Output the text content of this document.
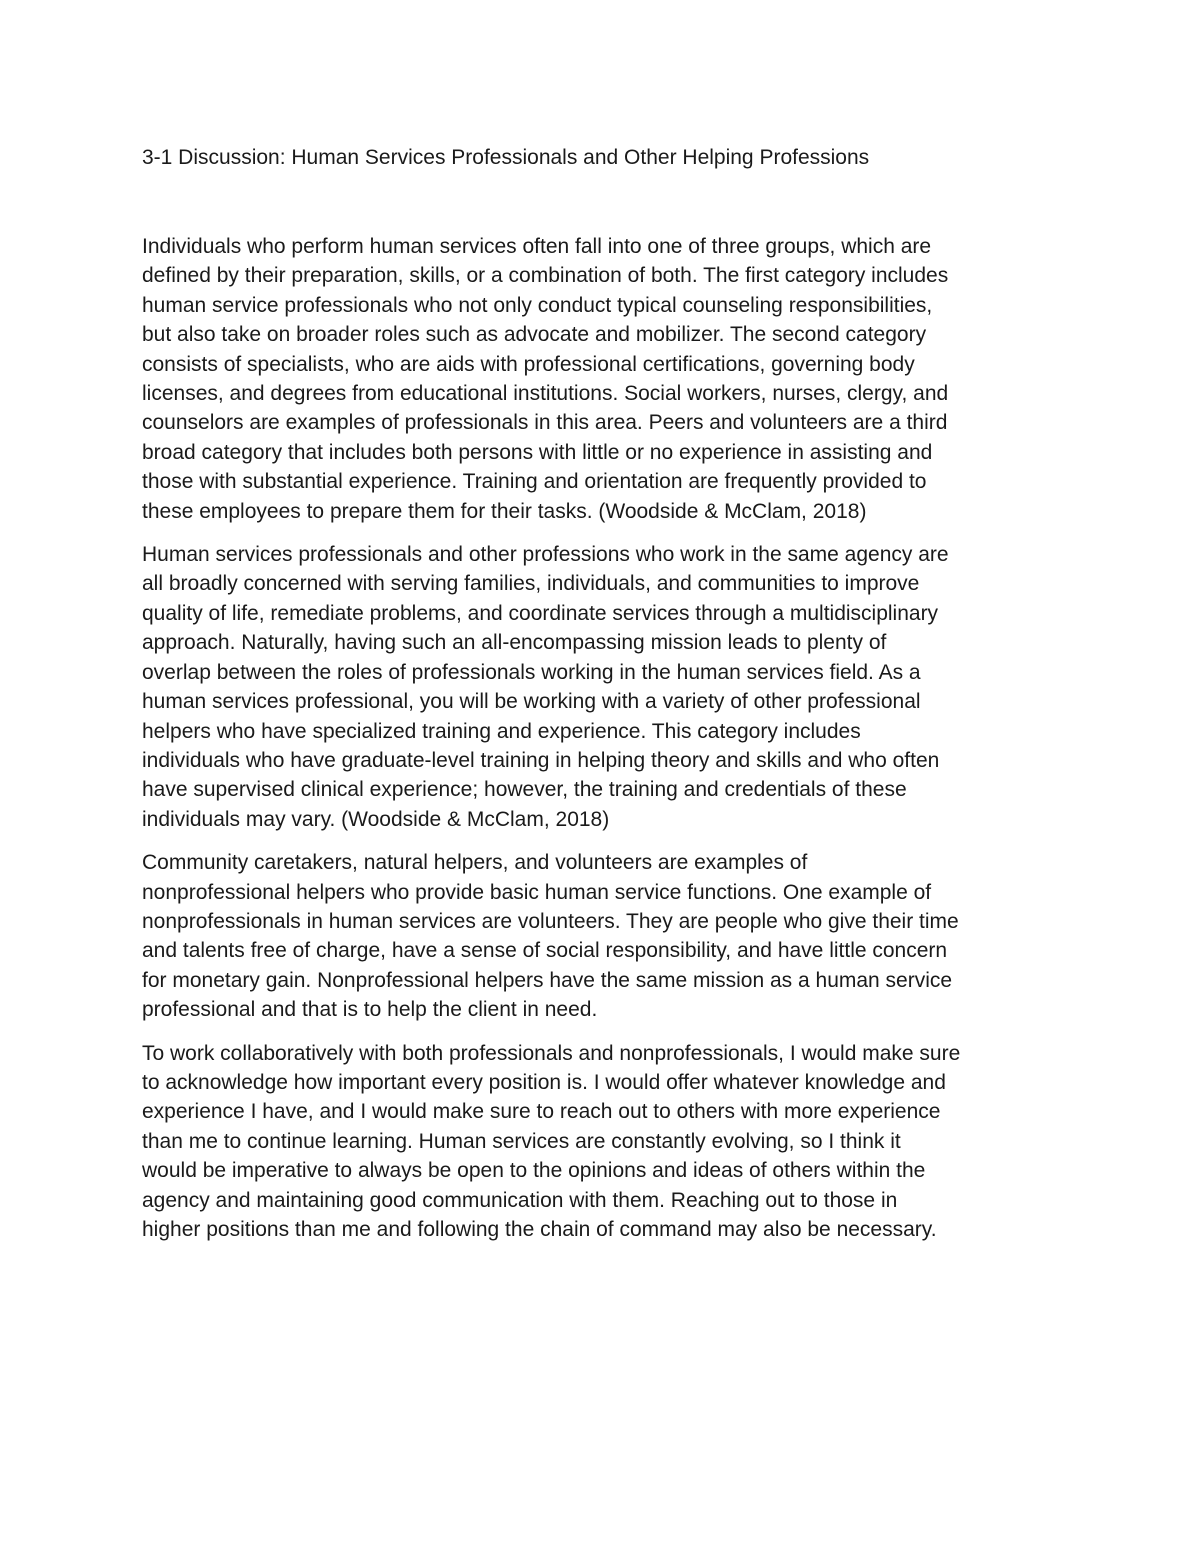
3-1 Discussion: Human Services Professionals and Other Helping Professions

Individuals who perform human services often fall into one of three groups, which are
defined by their preparation, skills, or a combination of both. The first category includes
human service professionals who not only conduct typical counseling responsibilities,
but also take on broader roles such as advocate and mobilizer. The second category
consists of specialists, who are aids with professional certifications, governing body
licenses, and degrees from educational institutions. Social workers, nurses, clergy, and
counselors are examples of professionals in this area. Peers and volunteers are a third
broad category that includes both persons with little or no experience in assisting and
those with substantial experience. Training and orientation are frequently provided to
these employees to prepare them for their tasks. (Woodside & McClam, 2018)

Human services professionals and other professions who work in the same agency are
all broadly concerned with serving families, individuals, and communities to improve
quality of life, remediate problems, and coordinate services through a multidisciplinary
approach. Naturally, having such an all-encompassing mission leads to plenty of
overlap between the roles of professionals working in the human services field. As a
human services professional, you will be working with a variety of other professional
helpers who have specialized training and experience. This category includes
individuals who have graduate-level training in helping theory and skills and who often
have supervised clinical experience; however, the training and credentials of these
individuals may vary. (Woodside & McClam, 2018)

Community caretakers, natural helpers, and volunteers are examples of
nonprofessional helpers who provide basic human service functions. One example of
nonprofessionals in human services are volunteers. They are people who give their time
and talents free of charge, have a sense of social responsibility, and have little concern
for monetary gain. Nonprofessional helpers have the same mission as a human service
professional and that is to help the client in need.

To work collaboratively with both professionals and nonprofessionals, I would make sure
to acknowledge how important every position is. I would offer whatever knowledge and
experience I have, and I would make sure to reach out to others with more experience
than me to continue learning. Human services are constantly evolving, so I think it
would be imperative to always be open to the opinions and ideas of others within the
agency and maintaining good communication with them. Reaching out to those in
higher positions than me and following the chain of command may also be necessary.
